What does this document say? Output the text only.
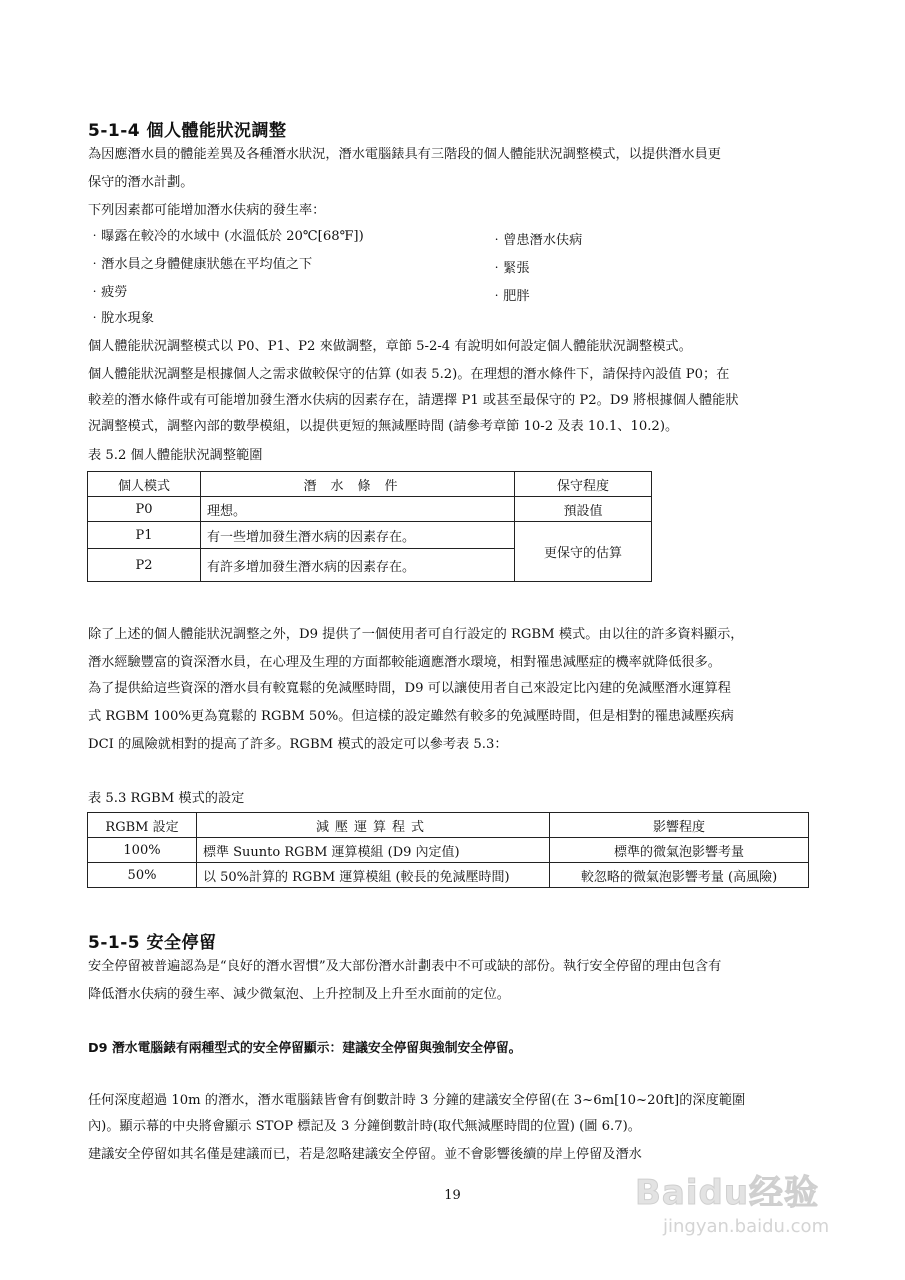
5-1-4 個人體能狀況調整
為因應潛水員的體能差異及各種潛水狀況，潛水電腦錶具有三階段的個人體能狀況調整模式，以提供潛水員更
保守的潛水計劃。
下列因素都可能增加潛水伕病的發生率：
‧曝露在較冷的水域中 (水溫低於 20℃[68℉])	‧曾患潛水伕病
‧潛水員之身體健康狀態在平均值之下	‧緊張
‧疲勞	‧肥胖
‧脫水現象
個人體能狀況調整模式以 P0、P1、P2 來做調整，章節 5-2-4 有說明如何設定個人體能狀況調整模式。
個人體能狀況調整是根據個人之需求做較保守的估算 (如表 5.2)。在理想的潛水條件下，請保持內設值 P0；在
較差的潛水條件或有可能增加發生潛水伕病的因素存在，請選擇 P1 或甚至最保守的 P2。D9 將根據個人體能狀
況調整模式，調整內部的數學模組，以提供更短的無減壓時間 (請參考章節 10-2 及表 10.1、10.2)。
表 5.2 個人體能狀況調整範圍
個人模式	潛水條件	保守程度
P0	理想。	預設值
P1	有一些增加發生潛水病的因素存在。	更保守的估算
P2	有許多增加發生潛水病的因素存在。	
除了上述的個人體能狀況調整之外，D9 提供了一個使用者可自行設定的 RGBM 模式。由以往的許多資料顯示，
潛水經驗豐富的資深潛水員，在心理及生理的方面都較能適應潛水環境，相對罹患減壓症的機率就降低很多。
為了提供給這些資深的潛水員有較寬鬆的免減壓時間，D9 可以讓使用者自己來設定比內建的免減壓潛水運算程
式 RGBM 100%更為寬鬆的 RGBM 50%。但這樣的設定雖然有較多的免減壓時間，但是相對的罹患減壓疾病
DCI 的風險就相對的提高了許多。RGBM 模式的設定可以參考表 5.3：
表 5.3 RGBM 模式的設定
RGBM 設定	減壓運算程式	影響程度
100%	標準 Suunto RGBM 運算模組 (D9 內定值)	標準的微氣泡影響考量
50%	以 50%計算的 RGBM 運算模組 (較長的免減壓時間)	較忽略的微氣泡影響考量 (高風險)
5-1-5 安全停留
安全停留被普遍認為是“良好的潛水習慣”及大部份潛水計劃表中不可或缺的部份。執行安全停留的理由包含有
降低潛水伕病的發生率、減少微氣泡、上升控制及上升至水面前的定位。
D9 潛水電腦錶有兩種型式的安全停留顯示：建議安全停留與強制安全停留。
任何深度超過 10m 的潛水，潛水電腦錶皆會有倒數計時 3 分鐘的建議安全停留(在 3~6m[10~20ft]的深度範圍
內)。顯示幕的中央將會顯示 STOP 標記及 3 分鐘倒數計時(取代無減壓時間的位置) (圖 6.7)。
建議安全停留如其名僅是建議而已，若是忽略建議安全停留。並不會影響後續的岸上停留及潛水
19	Baidu经验
jingyan.baidu.com
